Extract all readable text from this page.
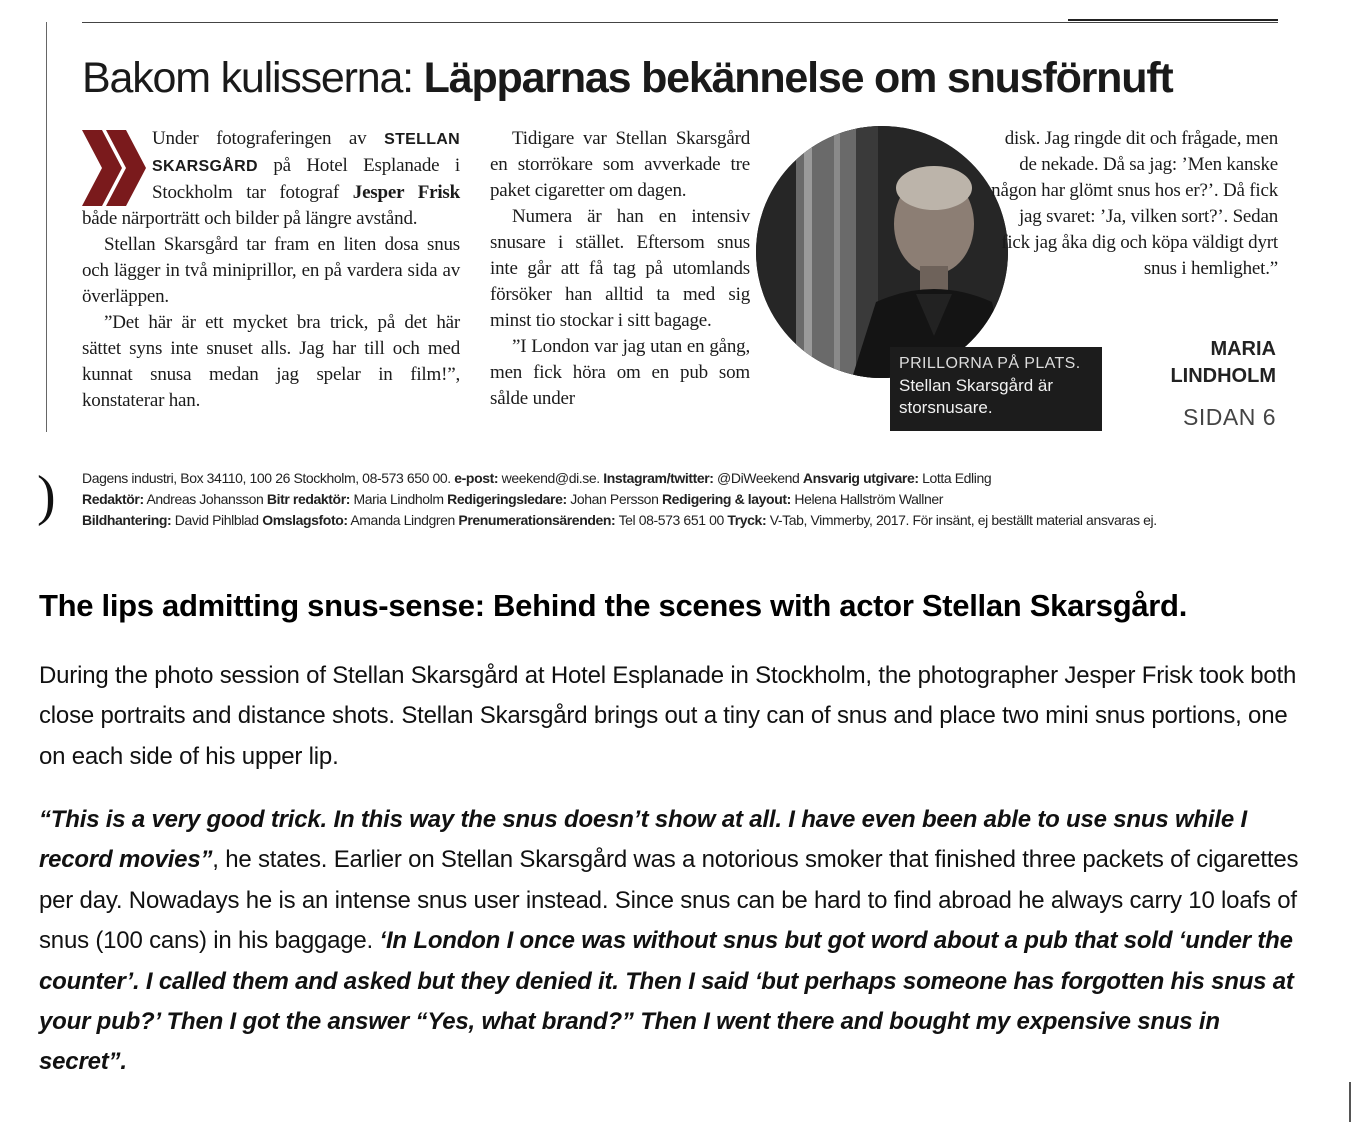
Bakom kulisserna: Läpparnas bekännelse om snusförnuft

Under fotograferingen av STELLAN SKARSGÅRD på Hotel Esplanade i Stockholm tar fotograf Jesper Frisk både närporträtt och bilder på längre avstånd.

Stellan Skarsgård tar fram en liten dosa snus och lägger in två miniprillor, en på vardera sida av överläppen.

”Det här är ett mycket bra trick, på det här sättet syns inte snuset alls. Jag har till och med kunnat snusa medan jag spelar in film!”, konstaterar han.

Tidigare var Stellan Skarsgård en storrökare som avverkade tre paket cigaretter om dagen.

Numera är han en intensiv snusare i stället. Eftersom snus inte går att få tag på utomlands försöker han alltid ta med sig minst tio stockar i sitt bagage.

”I London var jag utan en gång, men fick höra om en pub som sålde under

disk. Jag ringde dit och frågade, men de nekade. Då sa jag: ’Men kanske någon har glömt snus hos er?’. Då fick jag svaret: ’Ja, vilken sort?’. Sedan fick jag åka dig och köpa väldigt dyrt snus i hemlighet.”

PRILLORNA PÅ PLATS.
Stellan Skarsgård är storsnusare.
MARIA
LINDHOLM
SIDAN 6
) Dagens industri, Box 34110, 100 26 Stockholm, 08-573 650 00. e-post: weekend@di.se. Instagram/twitter: @DiWeekend Ansvarig utgivare: Lotta Edling
Redaktör: Andreas Johansson Bitr redaktör: Maria Lindholm Redigeringsledare: Johan Persson Redigering & layout: Helena Hallström Wallner
Bildhantering: David Pihlblad Omslagsfoto: Amanda Lindgren Prenumerationsärenden: Tel 08-573 651 00 Tryck: V-Tab, Vimmerby, 2017. För insänt, ej beställt material ansvaras ej.
The lips admitting snus-sense: Behind the scenes with actor Stellan Skarsgård.

During the photo session of Stellan Skarsgård at Hotel Esplanade in Stockholm, the photographer Jesper Frisk took both close portraits and distance shots. Stellan Skarsgård brings out a tiny can of snus and place two mini snus portions, one on each side of his upper lip.

“This is a very good trick. In this way the snus doesn’t show at all. I have even been able to use snus while I record movies”, he states. Earlier on Stellan Skarsgård was a notorious smoker that finished three packets of cigarettes per day. Nowadays he is an intense snus user instead. Since snus can be hard to find abroad he always carry 10 loafs of snus (100 cans) in his baggage. ‘In London I once was without snus but got word about a pub that sold ‘under the counter’. I called them and asked but they denied it. Then I said ‘but perhaps someone has forgotten his snus at your pub?’ Then I got the answer “Yes, what brand?” Then I went there and bought my expensive snus in secret”.
